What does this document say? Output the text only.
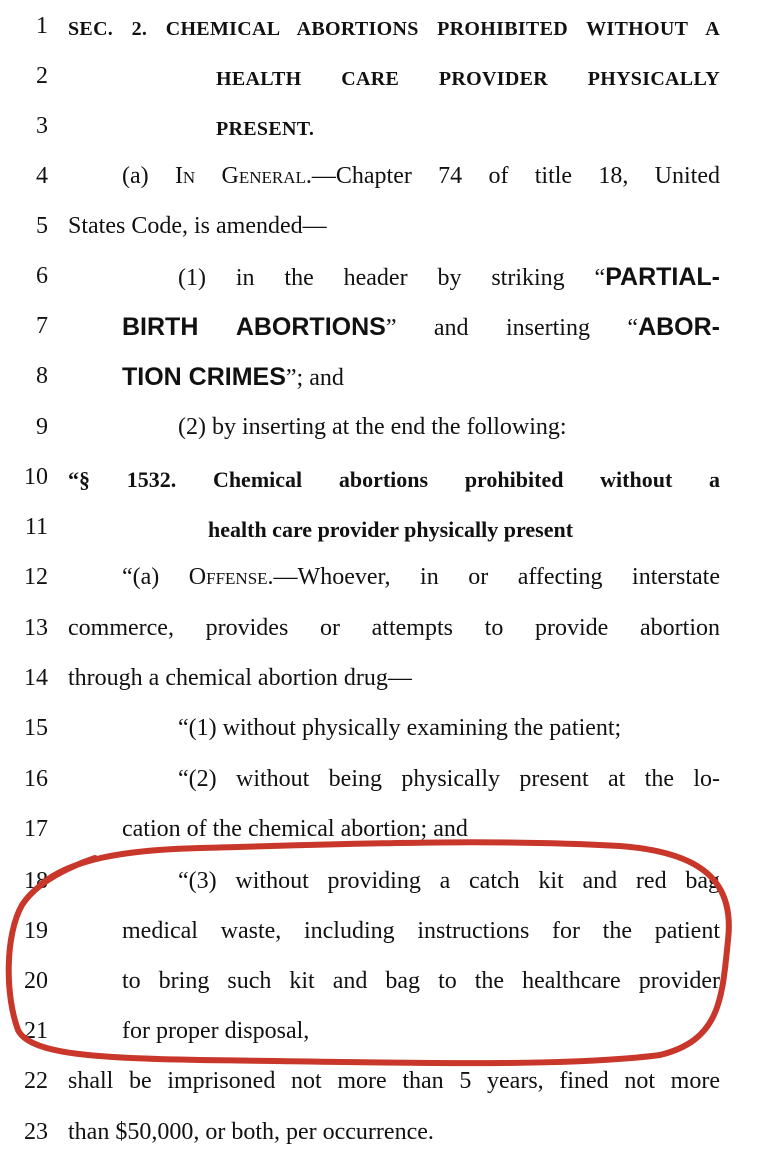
1 SEC. 2. CHEMICAL ABORTIONS PROHIBITED WITHOUT A
2	HEALTH CARE PROVIDER PHYSICALLY
3	PRESENT.
4	(a) In General.—Chapter 74 of title 18, United
5 States Code, is amended—
6	(1) in the header by striking “PARTIAL-
7	BIRTH ABORTIONS” and inserting “ABOR-
8	TION CRIMES”; and
9	(2) by inserting at the end the following:
10 “§ 1532. Chemical abortions prohibited without a
11	health care provider physically present
12	“(a) Offense.—Whoever, in or affecting interstate
13 commerce, provides or attempts to provide abortion
14 through a chemical abortion drug—
15	“(1) without physically examining the patient;
16	“(2) without being physically present at the lo-
17	cation of the chemical abortion; and
18	“(3) without providing a catch kit and red bag
19	medical waste, including instructions for the patient
20	to bring such kit and bag to the healthcare provider
21	for proper disposal,
22 shall be imprisoned not more than 5 years, fined not more
23 than $50,000, or both, per occurrence.
